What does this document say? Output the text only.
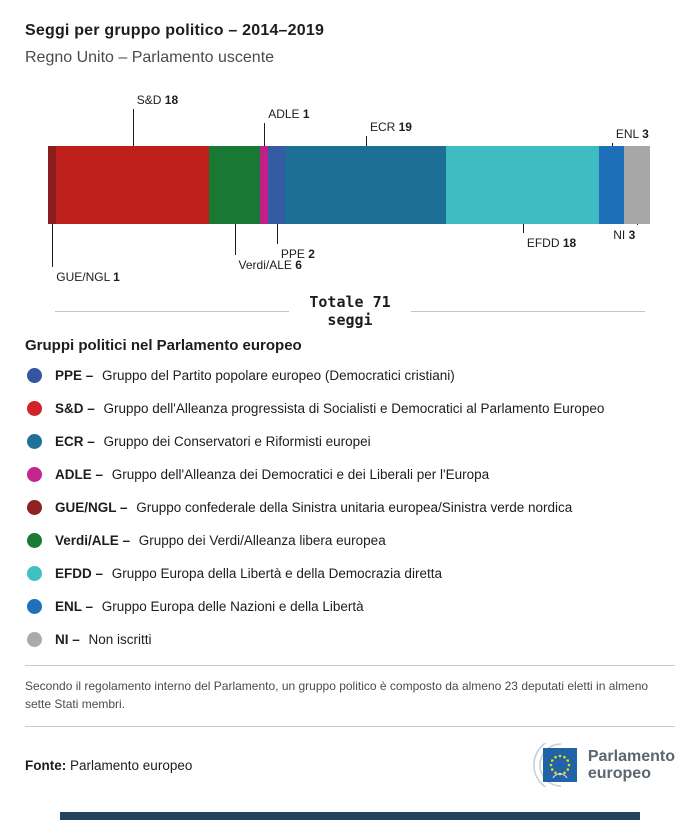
Seggi per gruppo politico – 2014–2019
Regno Unito – Parlamento uscente
GUE/NGL 1
S&D 18
Verdi/ALE 6
ADLE 1
PPE 2
ECR 19
EFDD 18
ENL 3
NI 3
Totale 71
seggi
Gruppi politici nel Parlamento europeo
PPE – Gruppo del Partito popolare europeo (Democratici cristiani)
S&D – Gruppo dell'Alleanza progressista di Socialisti e Democratici al Parlamento Europeo
ECR – Gruppo dei Conservatori e Riformisti europei
ADLE – Gruppo dell'Alleanza dei Democratici e dei Liberali per l'Europa
GUE/NGL – Gruppo confederale della Sinistra unitaria europea/Sinistra verde nordica
Verdi/ALE – Gruppo dei Verdi/Alleanza libera europea
EFDD – Gruppo Europa della Libertà e della Democrazia diretta
ENL – Gruppo Europa delle Nazioni e della Libertà
NI – Non iscritti
Secondo il regolamento interno del Parlamento, un gruppo politico è composto da almeno 23 deputati eletti in almeno sette Stati membri.
Fonte: Parlamento europeo
Parlamento
europeo
